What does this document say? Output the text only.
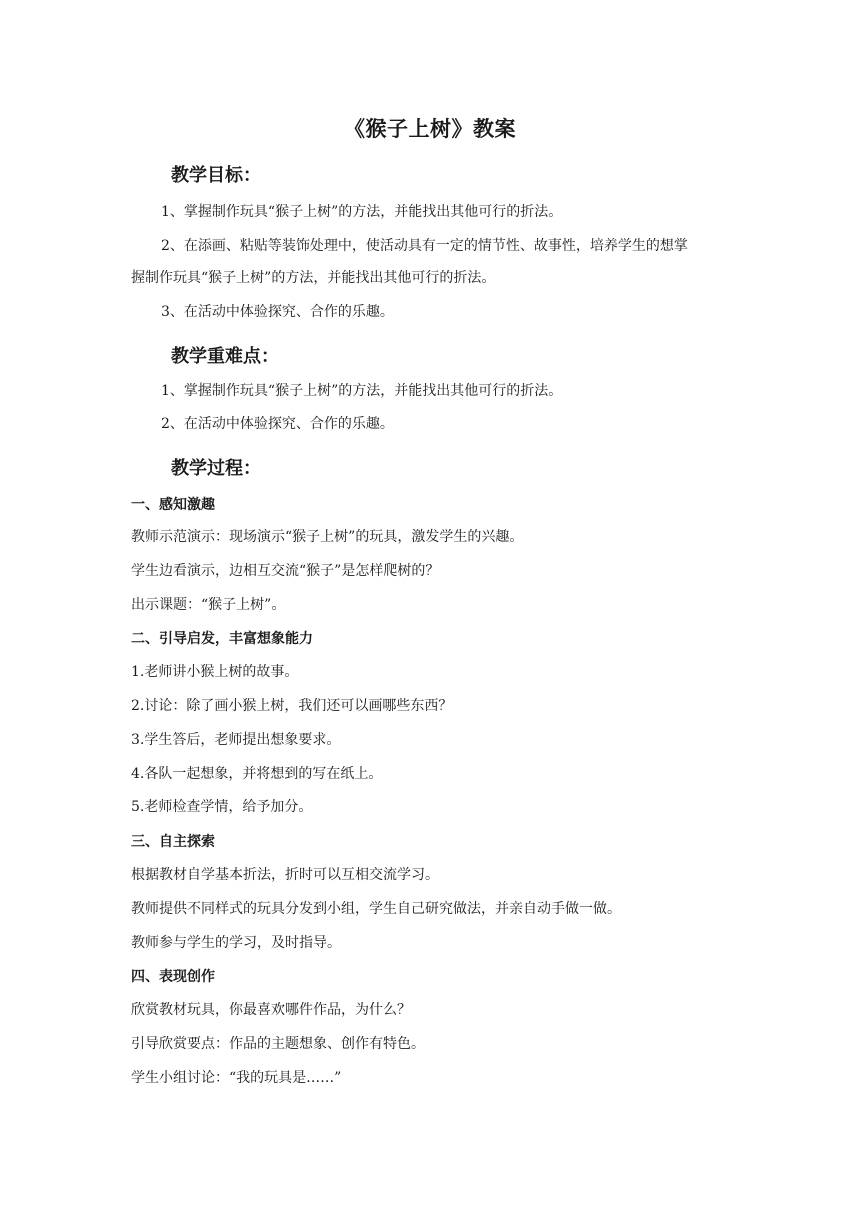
《猴子上树》教案
教学目标：
1、掌握制作玩具“猴子上树”的方法，并能找出其他可行的折法。
2、在添画、粘贴等装饰处理中，使活动具有一定的情节性、故事性，培养学生的想掌
握制作玩具“猴子上树”的方法，并能找出其他可行的折法。
3、在活动中体验探究、合作的乐趣。
教学重难点：
1、掌握制作玩具“猴子上树”的方法，并能找出其他可行的折法。
2、在活动中体验探究、合作的乐趣。
教学过程：
一、感知激趣
教师示范演示：现场演示“猴子上树”的玩具，激发学生的兴趣。
学生边看演示，边相互交流“猴子”是怎样爬树的？
出示课题：“猴子上树”。
二、引导启发，丰富想象能力
1.老师讲小猴上树的故事。
2.讨论：除了画小猴上树，我们还可以画哪些东西？
3.学生答后，老师提出想象要求。
4.各队一起想象，并将想到的写在纸上。
5.老师检查学情，给予加分。
三、自主探索
根据教材自学基本折法，折时可以互相交流学习。
教师提供不同样式的玩具分发到小组，学生自己研究做法，并亲自动手做一做。
教师参与学生的学习，及时指导。
四、表现创作
欣赏教材玩具，你最喜欢哪件作品，为什么？
引导欣赏要点：作品的主题想象、创作有特色。
学生小组讨论：“我的玩具是……”
